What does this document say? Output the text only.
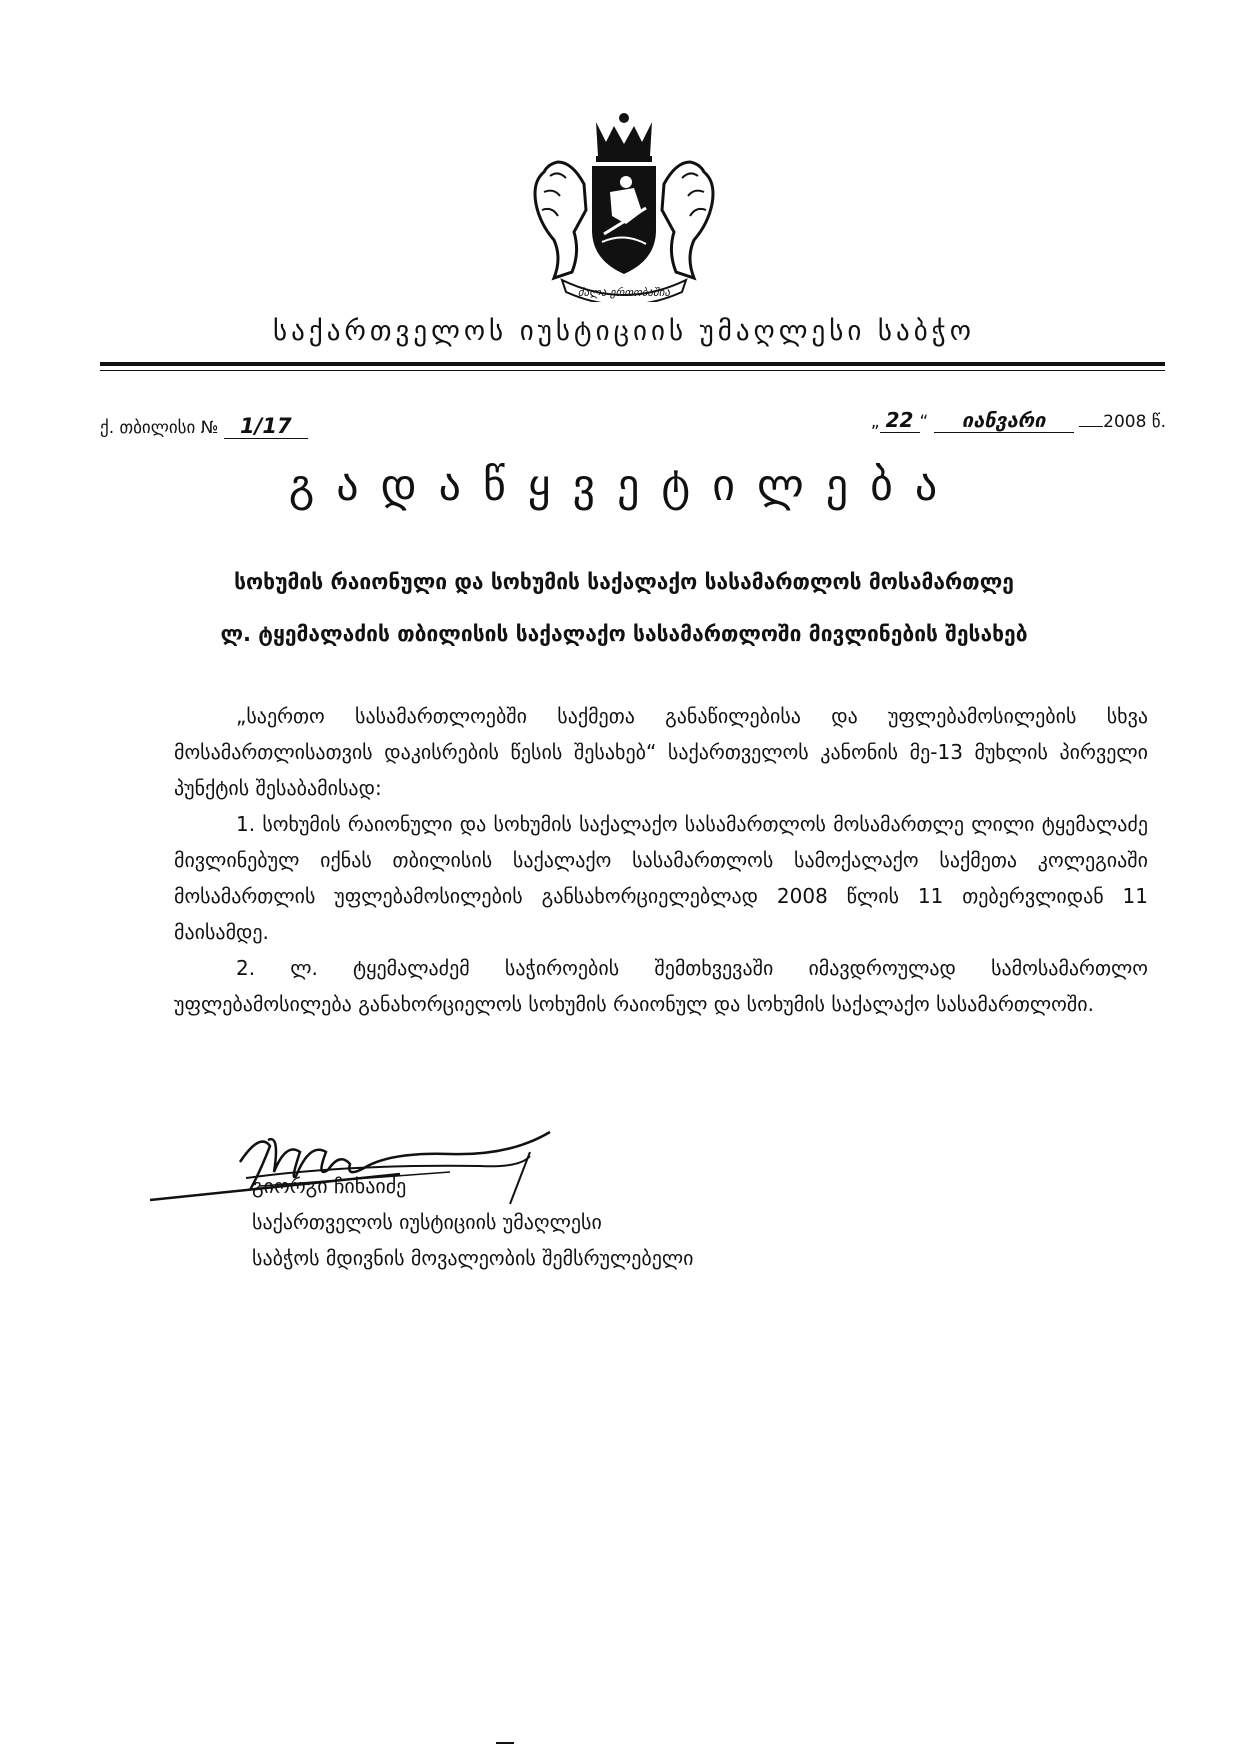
ძალა ერთობაშია
საქართველოს იუსტიციის უმაღლესი საბჭო
ქ. თბილისი № 1/17	„ 22 “ იანვარი	2008 წ.
გადაწყვეტილება
სოხუმის რაიონული და სოხუმის საქალაქო სასამართლოს მოსამართლე
ლ. ტყემალაძის თბილისის საქალაქო სასამართლოში მივლინების შესახებ

„საერთო სასამართლოებში საქმეთა განაწილებისა და უფლებამოსილების სხვა მოსამართლისათვის დაკისრების წესის შესახებ“ საქართველოს კანონის მე-13 მუხლის პირველი პუნქტის შესაბამისად:

1. სოხუმის რაიონული და სოხუმის საქალაქო სასამართლოს მოსამართლე ლილი ტყემალაძე მივლინებულ იქნას თბილისის საქალაქო სასამართლოს სამოქალაქო საქმეთა კოლეგიაში მოსამართლის უფლებამოსილების განსახორციელებლად 2008 წლის 11 თებერვლიდან 11 მაისამდე.

2. ლ. ტყემალაძემ საჭიროების შემთხვევაში იმავდროულად სამოსამართლო უფლებამოსილება განახორციელოს სოხუმის რაიონულ და სოხუმის საქალაქო სასამართლოში.

გიორგი ჩიხაიძე
საქართველოს იუსტიციის უმაღლესი
საბჭოს მდივნის მოვალეობის შემსრულებელი
